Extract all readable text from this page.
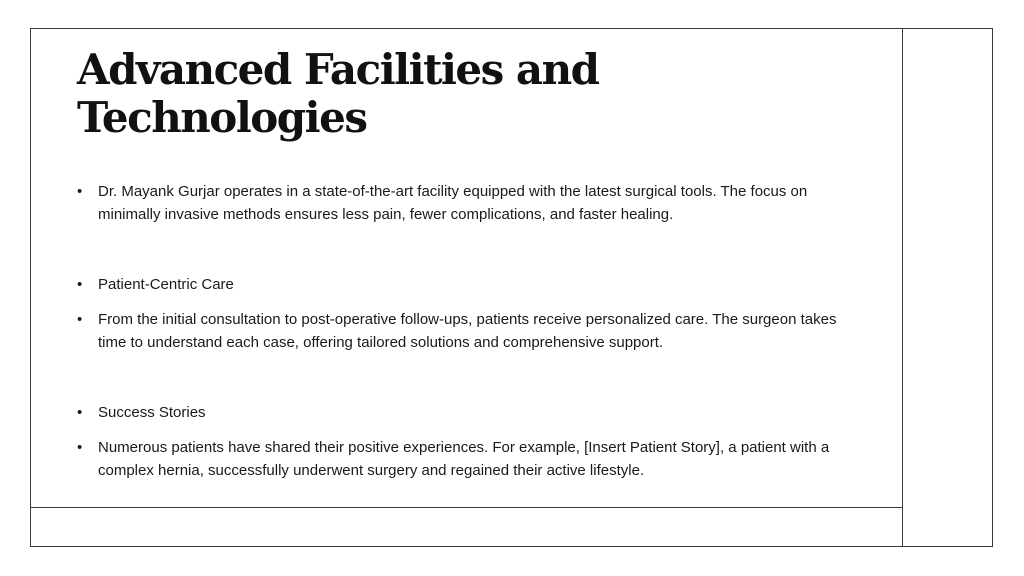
Advanced Facilities and Technologies
• Dr. Mayank Gurjar operates in a state-of-the-art facility equipped with the latest surgical tools. The focus on minimally invasive methods ensures less pain, fewer complications, and faster healing.
• Patient-Centric Care
• From the initial consultation to post-operative follow-ups, patients receive personalized care. The surgeon takes time to understand each case, offering tailored solutions and comprehensive support.
• Success Stories
• Numerous patients have shared their positive experiences. For example, [Insert Patient Story], a patient with a complex hernia, successfully underwent surgery and regained their active lifestyle.
